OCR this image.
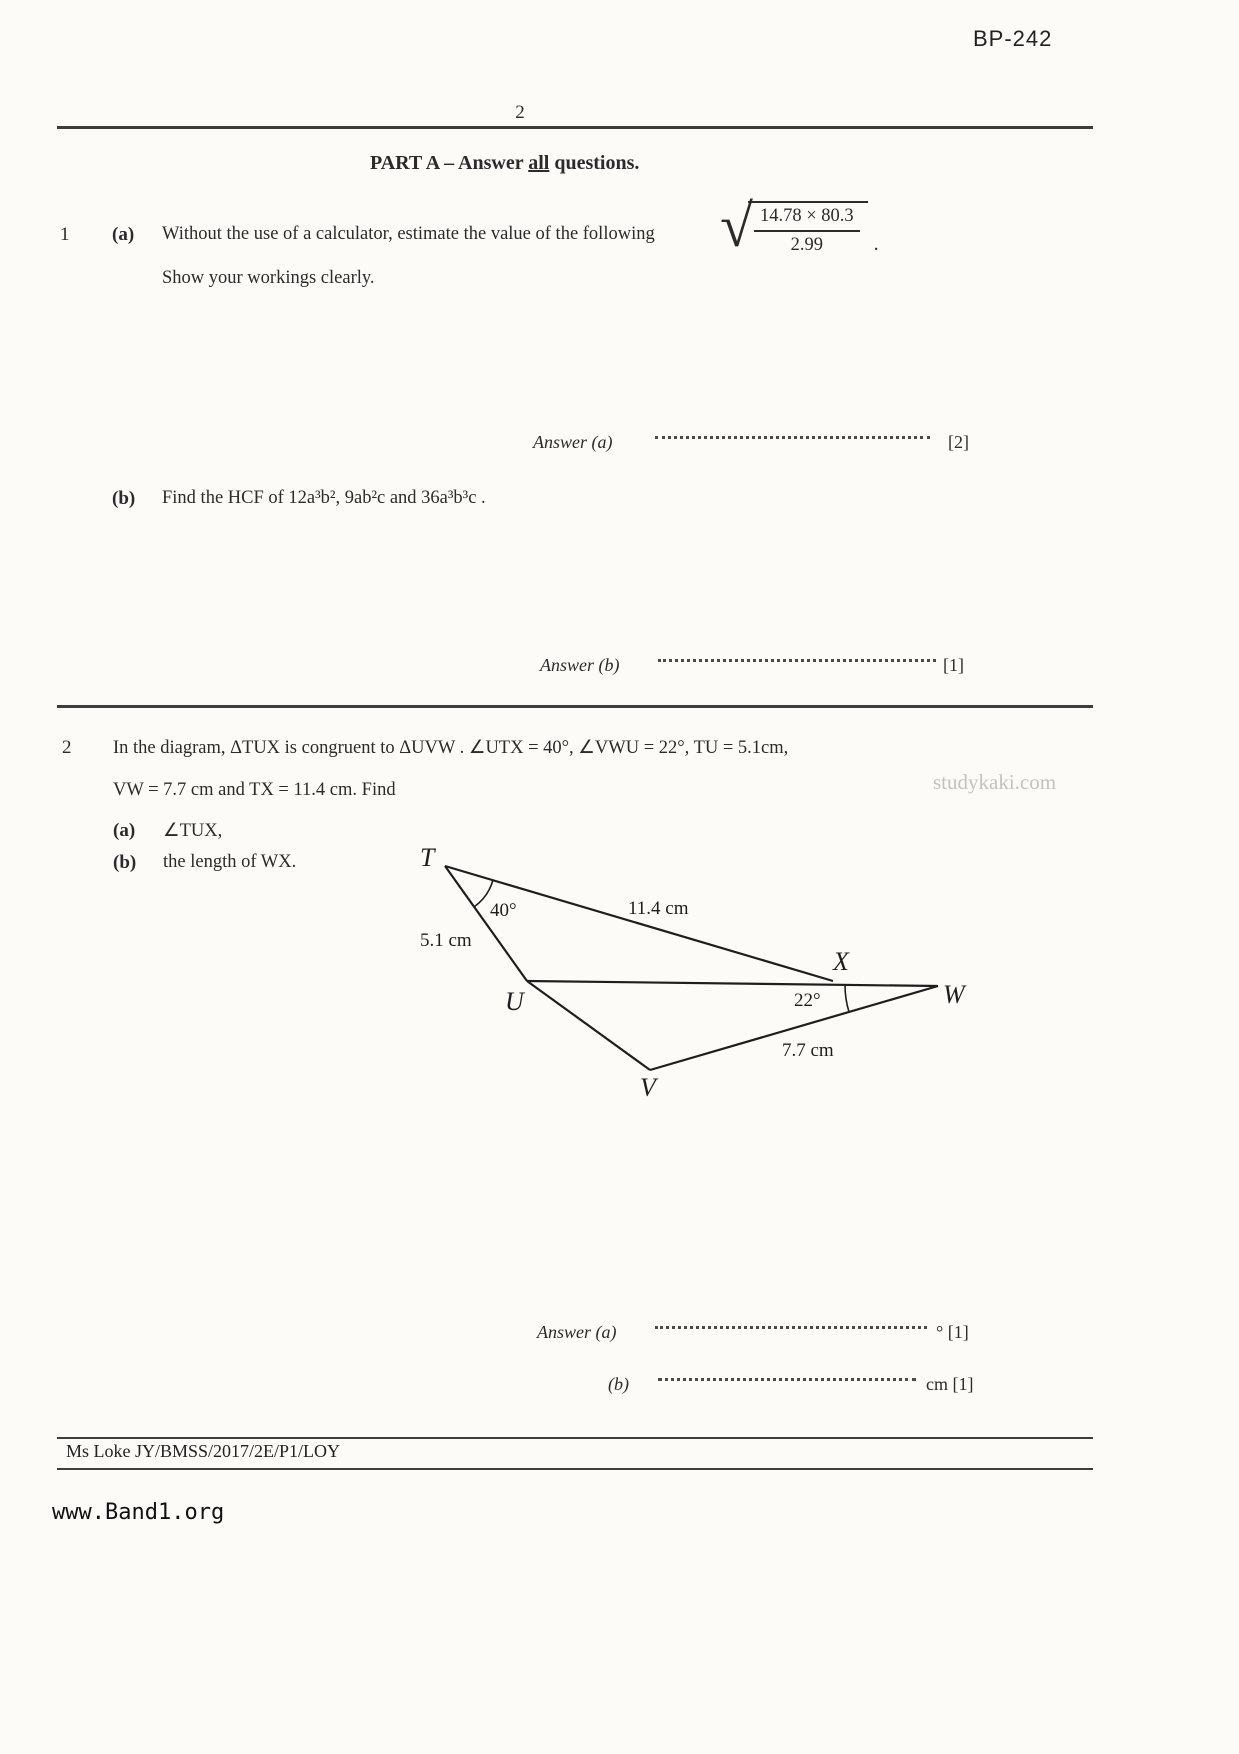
BP-242
2
PART A – Answer all questions.
1 (a) Without the use of a calculator, estimate the value of the following	√ 14.78 × 80.3
2.99	.
Show your workings clearly.
Answer (a)	[2]
(b) Find the HCF of 12a³b², 9ab²c and 36a³b³c .
Answer (b)	[1]
2 In the diagram, ΔTUX is congruent to ΔUVW . ∠UTX = 40°, ∠VWU = 22°, TU = 5.1cm,
studykaki.com
VW = 7.7 cm and TX = 11.4 cm. Find
(a) ∠TUX,
(b) the length of WX.	T
U
V
W
X
40°
22°
11.4 cm
5.1 cm
7.7 cm
Answer (a)	° [1]
(b)	cm [1]
Ms Loke JY/BMSS/2017/2E/P1/LOY
www.Band1.org
